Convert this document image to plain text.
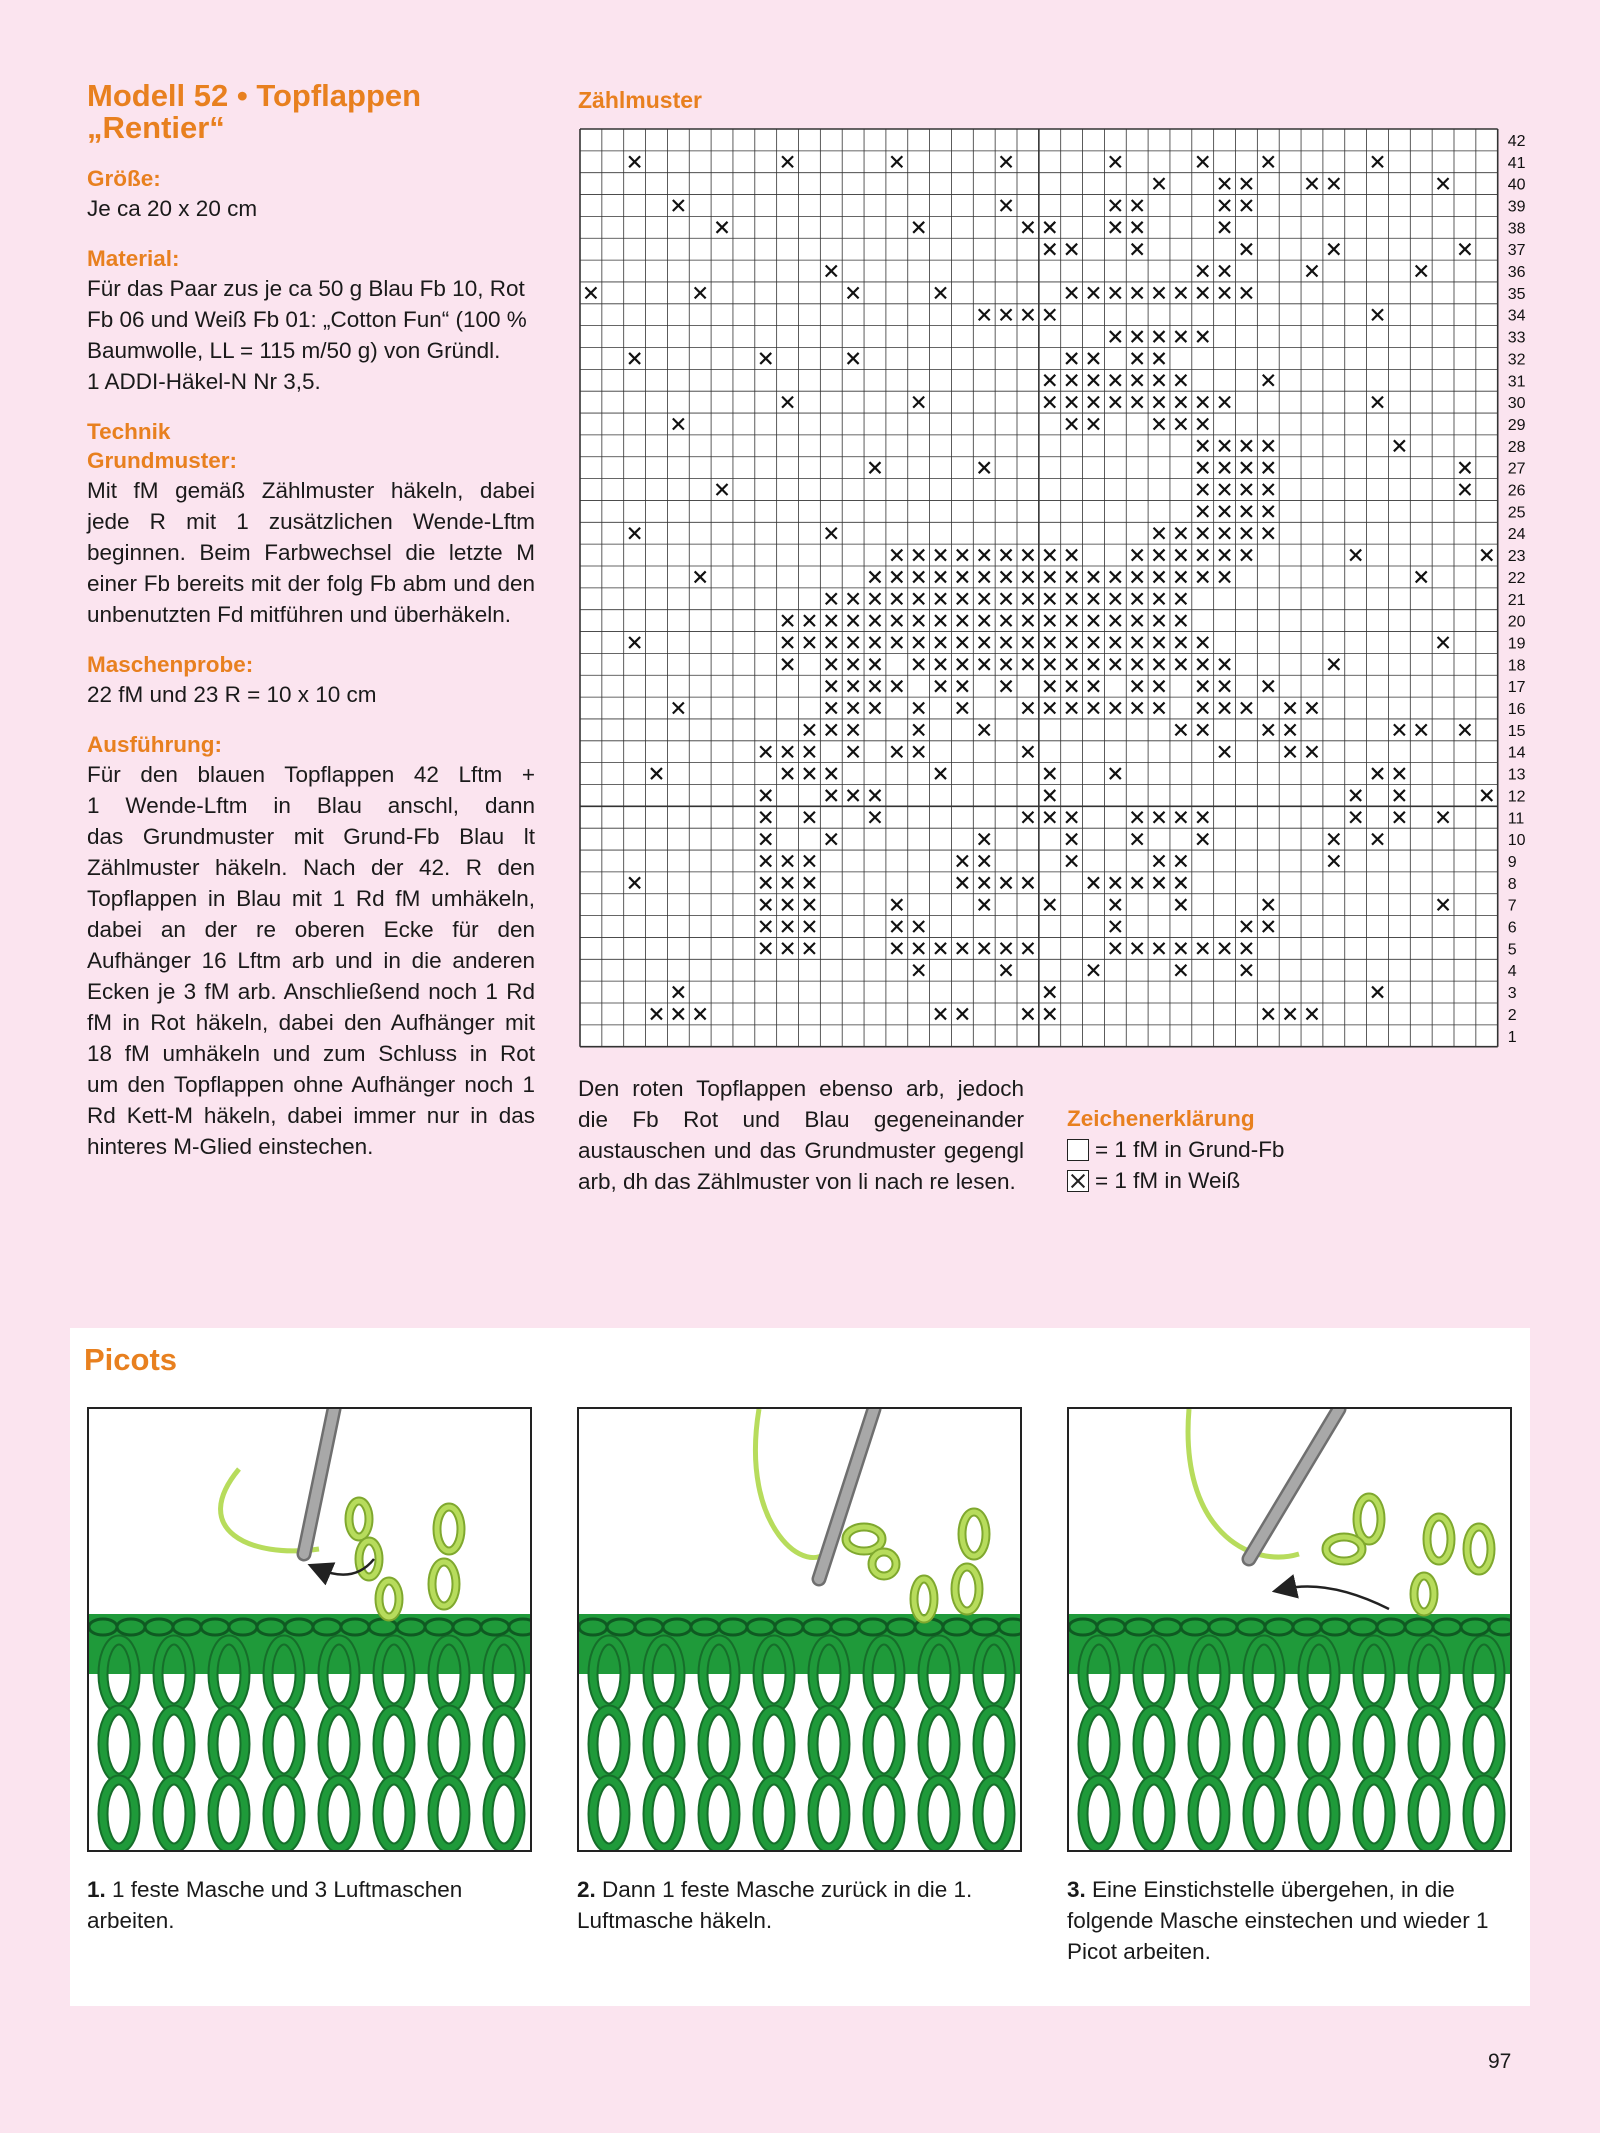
Modell 52 • Topflappen
„Rentier“
Größe:
Je ca 20 x 20 cm
Material:
Für das Paar zus je ca 50 g Blau Fb 10, Rot
Fb 06 und Weiß Fb 01: „Cotton Fun“ (100 %
Baumwolle, LL = 115 m/50 g) von Gründl.
1 ADDI-Häkel-N Nr 3,5.
Technik
Grundmuster:
Mit fM gemäß Zählmuster häkeln, dabei
jede R mit 1 zusätzlichen Wende-Lftm
beginnen. Beim Farbwechsel die letzte M
einer Fb bereits mit der folg Fb abm und den
unbenutzten Fd mitführen und überhäkeln.
Maschenprobe:
22 fM und 23 R = 10 x 10 cm
Ausführung:
Für den blauen Topflappen 42 Lftm +
1 Wende-Lftm in Blau anschl, dann
das Grundmuster mit Grund-Fb Blau lt
Zählmuster häkeln. Nach der 42. R den
Topflappen in Blau mit 1 Rd fM umhäkeln,
dabei an der re oberen Ecke für den
Aufhänger 16 Lftm arb und in die anderen
Ecken je 3 fM arb. Anschließend noch 1 Rd
fM in Rot häkeln, dabei den Aufhänger mit
18 fM umhäkeln und zum Schluss in Rot
um den Topflappen ohne Aufhänger noch 1
Rd Kett-M häkeln, dabei immer nur in das
hinteres M-Glied einstechen.
Zählmuster
42
41
40
39
38
37
36
35
34
33
32
31
30
29
28
27
26
25
24
23
22
21
20
19
18
17
16
15
14
13
12
11
10
9
8
7
6
5
4
3
2
1
Den roten Topflappen ebenso arb, jedoch
die Fb Rot und Blau gegeneinander
austauschen und das Grundmuster gegengl
arb, dh das Zählmuster von li nach re lesen.
Zeichenerklärung
= 1 fM in Grund-Fb
= 1 fM in Weiß
Picots
1. 1 feste Masche und 3 Luftmaschen arbeiten.
2. Dann 1 feste Masche zurück in die 1. Luftmasche häkeln.
3. Eine Einstichstelle übergehen, in die folgende Masche einstechen und wieder 1 Picot arbeiten.
97
